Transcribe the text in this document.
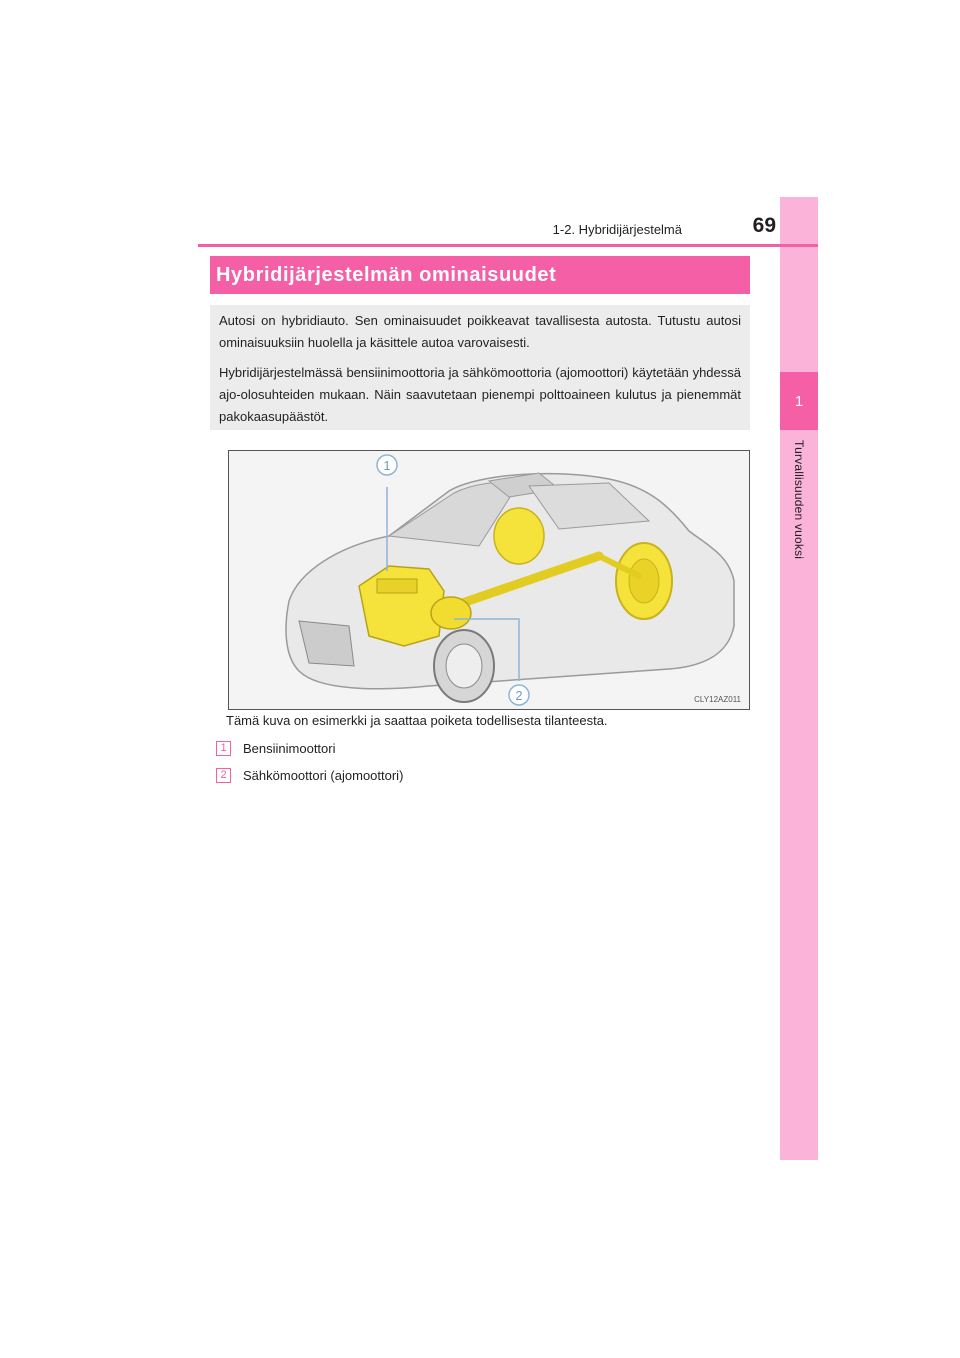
1
Turvallisuuden vuoksi
1-2. Hybridijärjestelmä	69
Hybridijärjestelmän ominaisuudet

Autosi on hybridiauto. Sen ominaisuudet poikkeavat tavallisesta autosta. Tutustu autosi ominaisuuksiin huolella ja käsittele autoa varovaisesti.

Hybridijärjestelmässä bensiinimoottoria ja sähkömoottoria (ajomoottori) käytetään yhdessä ajo-olosuhteiden mukaan. Näin saavutetaan pienempi polttoaineen kulutus ja pienemmät pakokaasupäästöt.

1
2	CLY12AZ011
Tämä kuva on esimerkki ja saattaa poiketa todellisesta tilanteesta.
1	Bensiinimoottori
2	Sähkömoottori (ajomoottori)
